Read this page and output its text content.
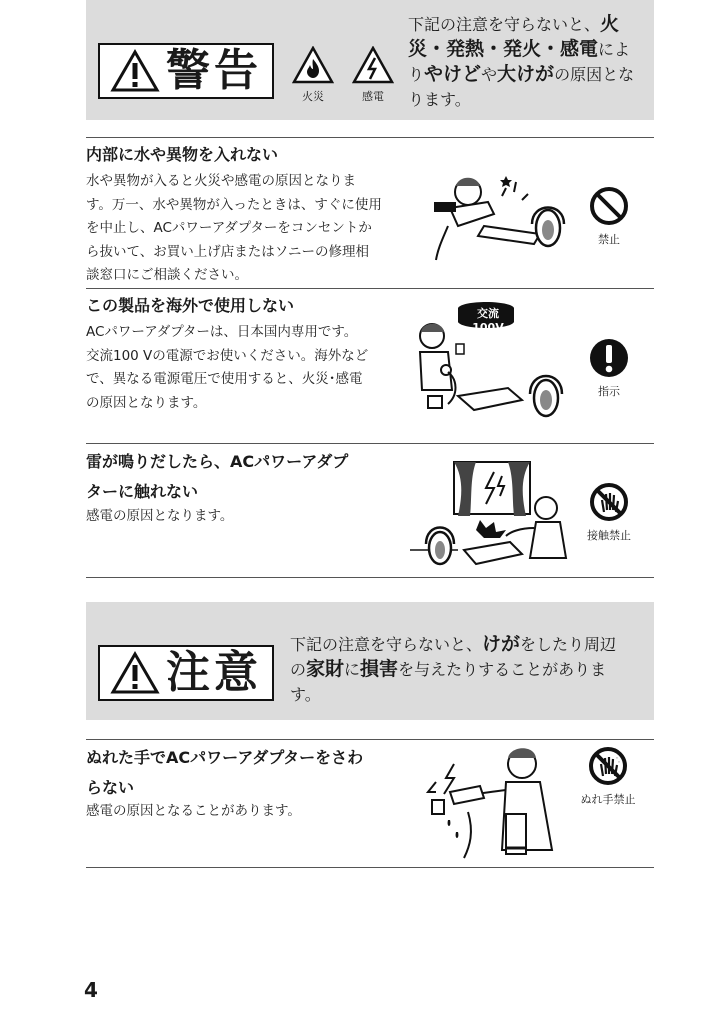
警告
火災	感電
下記の注意を守らないと、火災・発熱・発火・感電によ
りやけどや大けがの原因となります。
内部に水や異物を入れない
水や異物が入ると火災や感電の原因となりま
す。万一、水や異物が入ったときは、すぐに使用
を中止し、ACパワーアダプターをコンセントか
ら抜いて、お買い上げ店またはソニーの修理相
談窓口にご相談ください。
禁止
この製品を海外で使用しない
ACパワーアダプターは、日本国内専用です。
交流100 Vの電源でお使いください。海外など
で、異なる電源電圧で使用すると、火災･感電
の原因となります。
交流100V
指示
雷が鳴りだしたら、ACパワーアダプ
ターに触れない
感電の原因となります。
接触禁止
注意
下記の注意を守らないと、けがをしたり周辺
の家財に損害を与えたりすることがありま
す。
ぬれた手でACパワーアダプターをさわ
らない
感電の原因となることがあります。
ぬれ手禁止
4
